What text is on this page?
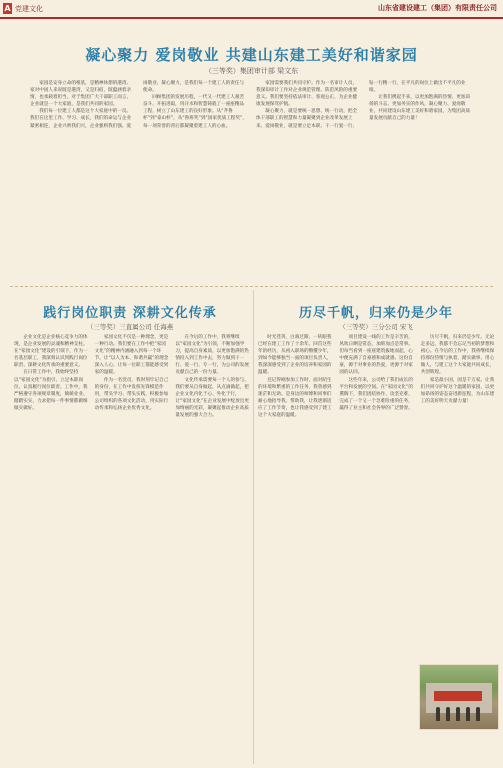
A 党建文化	山东省建设建工（集团）有限责任公司
凝心聚力 爱岗敬业 共建山东建工美好和谐家园
（三等奖）集团审计部 梁文东

家园是安身立命的根基，是精神休憩的港湾。家对中国人来说既是港湾，又是归宿，既蕴涵着亲情，也承载着担当。对于集团广大干部职工而言，企业就是一个大家庭，是我们共同的家园。

我们每一位建工人都是这个大家庭中的一员。我们在这里工作、学习、成长，我们的命运与企业紧密相连，企业兴则我们兴，企业强则我们强。爱岗敬业、凝心聚力，是我们每一个建工人的责任与使命。

回顾集团的发展历程，一代又一代建工人艰苦奋斗、开拓进取，用汗水和智慧铸就了一座座精品工程，树立了山东建工的良好形象。从“齐鲁杯”到“泰山杯”，从“鲁班奖”到“国家优质工程奖”，每一项荣誉的背后都凝聚着建工人的心血。

家园需要我们共同守护。作为一名审计人员，我深知审计工作对企业规范管理、防范风险的重要意义。我们要坚持依法审计、客观公正，为企业健康发展保驾护航。

凝心聚力，就是要统一思想、统一行动，把全体干部职工的智慧和力量凝聚到企业改革发展上来。爱岗敬业，就是要立足本职、干一行爱一行、钻一行精一行，在平凡的岗位上做出不平凡的业绩。

让我们携起手来，以更加饱满的热情、更加昂扬的斗志、更加务实的作风，凝心聚力、爱岗敬业，共同建设山东建工美好和谐家园，为集团高质量发展贡献自己的力量！

践行岗位职责 深耕文化传承
（三等奖）三直属公司 任海燕

企业文化是企业核心竞争力的体现，是企业发展的灵魂和精神支柱。在“家园文化”建设的引领下，作为一名基层职工，我深刻认识到践行岗位职责、深耕文化传承的重要意义。

在日常工作中，我始终坚持以“家园文化”为指引，立足本职岗位，认真履行岗位职责。工作中，我严格遵守各项规章制度，兢兢业业、踏踏实实，力求把每一件事情都做细做实做好。

家园文化不仅是一种理念，更是一种行动。我们要在工作中把“家园文化”的精神内涵融入到每一个环节，让“以人为本、和谐共赢”的理念深入人心，让每一位职工都能感受到家的温暖。

作为一名党员，我时刻牢记自己的身份，在工作中发挥先锋模范作用，带头学习、带头实践，积极参加公司组织的各项文化活动，用实际行动传承和弘扬企业优秀文化。

在今后的工作中，我将继续以“家园文化”为引领，不断加强学习，提高自身素质，以更加饱满的热情投入到工作中去，努力做到干一行、爱一行、专一行，为公司的发展贡献自己的一份力量。

文化传承需要每一个人的参与。我们要从自身做起，从点滴做起，把企业文化内化于心、外化于行，让“家园文化”在企业发展中绽放出更加绚丽的光彩，凝聚起推动企业高质量发展的强大合力。

历尽千帆，归来仍是少年
（三等奖）三分公司 宋飞

时光荏苒，白驹过隙，一转眼我已经在建工工作了十余年。回首这些年的经历，从初入职场的懵懂少年，到如今能够独当一面的项目负责人，我深深感受到了企业的培养和家园的温暖。

还记得刚参加工作时，面对陌生的环境和繁重的工作任务，我曾感到迷茫和无助。是身边的师傅和同事们耐心地指导我、帮助我，让我逐渐适应了工作节奏，也让我感受到了建工这个大家庭的温暖。

项目建设一线的工作是辛苦的，风吹日晒是常态，加班加点是常事。但每当看到一座座建筑拔地而起，心中便充满了自豪感和成就感。这份自豪，源于对事业的热爱，更源于对家园的认同。

这些年来，公司给了我们成长的平台和发展的空间。在“家园文化”的熏陶下，我们团结协作、攻坚克难，完成了一个又一个急难险重的任务，赢得了业主和社会各界的广泛赞誉。

历尽千帆，归来仍是少年。无论走多远，我都不会忘记当初的梦想和初心。在今后的工作中，我将继续保持那份热情与执着，踏实做事、用心做人，与建工这个大家庭共同成长，共创辉煌。

家是最小国，国是千万家。让我们共同守护好这个温暖的家园，以更加昂扬的姿态奋进新征程，为山东建工的美好明天贡献力量！
